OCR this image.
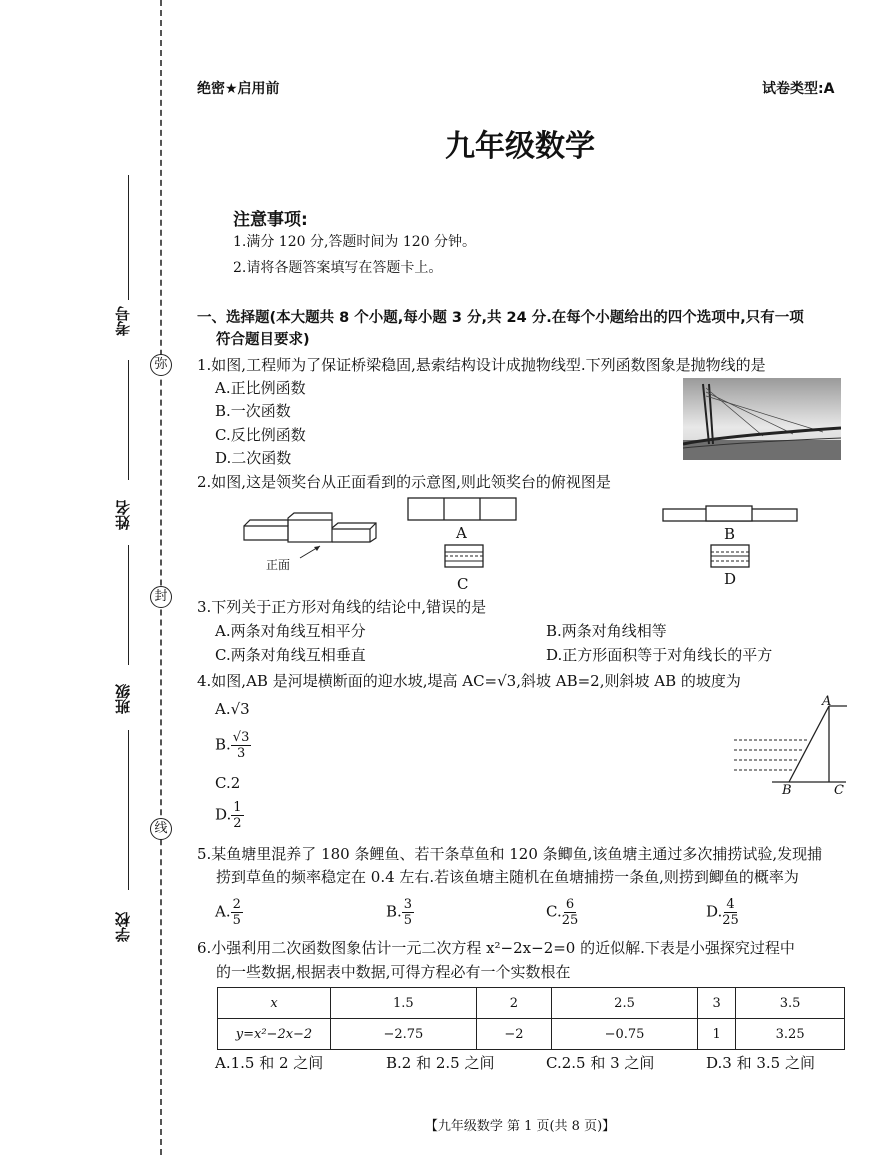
弥
封
线
考号
姓名
班级
学校
绝密★启用前	试卷类型:A
九年级数学
注意事项:
1.满分 120 分,答题时间为 120 分钟。
2.请将各题答案填写在答题卡上。
一、选择题(本大题共 8 个小题,每小题 3 分,共 24 分.在每个小题给出的四个选项中,只有一项
符合题目要求)
1.如图,工程师为了保证桥梁稳固,悬索结构设计成抛物线型.下列函数图象是抛物线的是
A.正比例函数
B.一次函数
C.反比例函数
D.二次函数
2.如图,这是领奖台从正面看到的示意图,则此领奖台的俯视图是
正面
A	B
C	D
3.下列关于正方形对角线的结论中,错误的是
A.两条对角线互相平分	B.两条对角线相等
C.两条对角线互相垂直	D.正方形面积等于对角线长的平方
4.如图,AB 是河堤横断面的迎水坡,堤高 AC=√3,斜坡 AB=2,则斜坡 AB 的坡度为
A.√3
B. $\frac{√3}{3}$
C.2
D. $\frac{1}{2}$
A
B	C
5.某鱼塘里混养了 180 条鲤鱼、若干条草鱼和 120 条鲫鱼,该鱼塘主通过多次捕捞试验,发现捕
捞到草鱼的频率稳定在 0.4 左右.若该鱼塘主随机在鱼塘捕捞一条鱼,则捞到鲫鱼的概率为
A. $\frac{2}{5}$	B. $\frac{3}{5}$	C. $\frac{6}{25}$	D. $\frac{4}{25}$
6.小强利用二次函数图象估计一元二次方程 x²−2x−2=0 的近似解.下表是小强探究过程中
的一些数据,根据表中数据,可得方程必有一个实数根在
x	1.5	2	2.5	3	3.5
y=x²−2x−2	−2.75	−2	−0.75	1	3.25
A.1.5 和 2 之间	B.2 和 2.5 之间	C.2.5 和 3 之间	D.3 和 3.5 之间
【九年级数学 第 1 页(共 8 页)】
